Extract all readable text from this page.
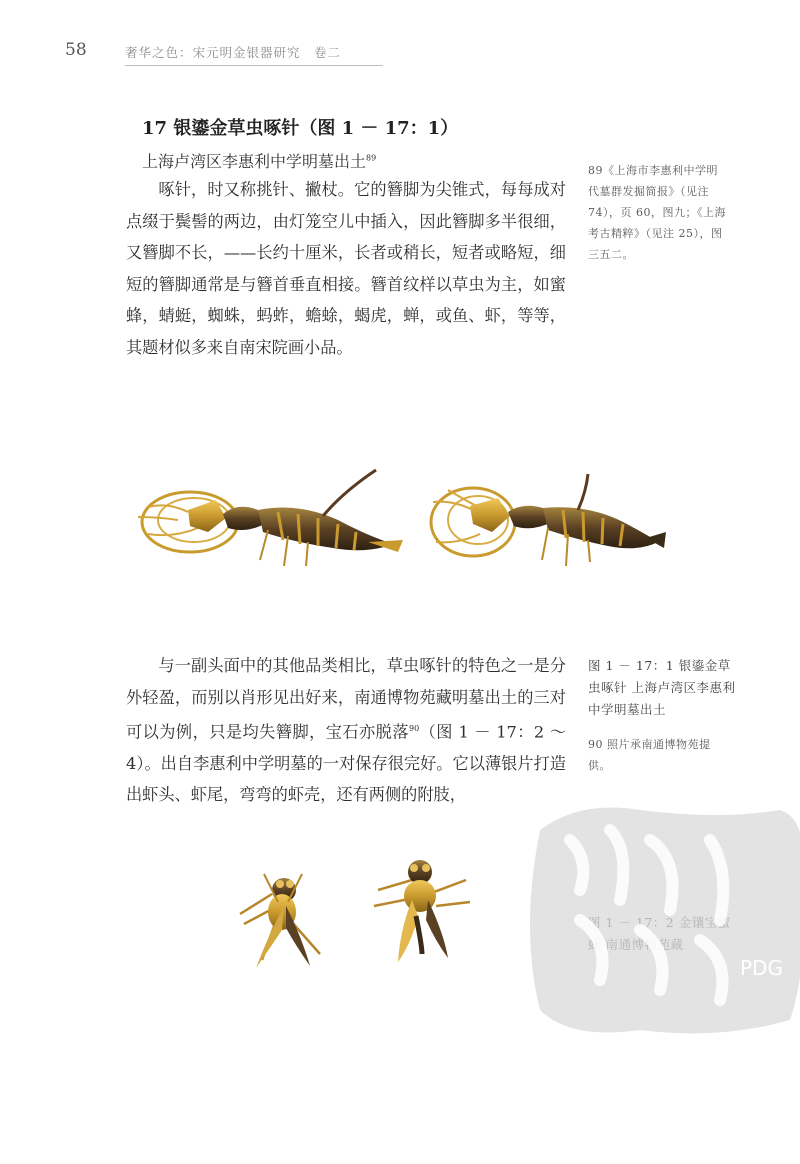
58	奢华之色：宋元明金银器研究　卷二
17 银鎏金草虫啄针（图 1 － 17：1）
上海卢湾区李惠利中学明墓出土$^{89}$
啄针，时又称挑针、撇杖。它的簪脚为尖锥式，每每成对点缀于鬓髻的两边，由灯笼空儿中插入，因此簪脚多半很细，又簪脚不长，——长约十厘米，长者或稍长，短者或略短，细短的簪脚通常是与簪首垂直相接。簪首纹样以草虫为主，如蜜蜂，蜻蜓，蜘蛛，蚂蚱，蟾蜍，蝎虎，蝉，或鱼、虾，等等，其题材似多来自南宋院画小品。
89《上海市李惠利中学明代墓群发掘简报》（见注 74），页 60，图九；《上海考古精粹》（见注 25），图三五二。
与一副头面中的其他品类相比，草虫啄针的特色之一是分外轻盈，而别以肖形见出好来，南通博物苑藏明墓出土的三对可以为例，只是均失簪脚，宝石亦脱落$^{90}$（图 1 － 17：2 ～ 4）。出自李惠利中学明墓的一对保存很完好。它以薄银片打造出虾头、虾尾，弯弯的虾壳，还有两侧的附肢，
图 1 － 17：1 银鎏金草虫啄针 上海卢湾区李惠利中学明墓出土
90 照片承南通博物苑提供。
PDG
